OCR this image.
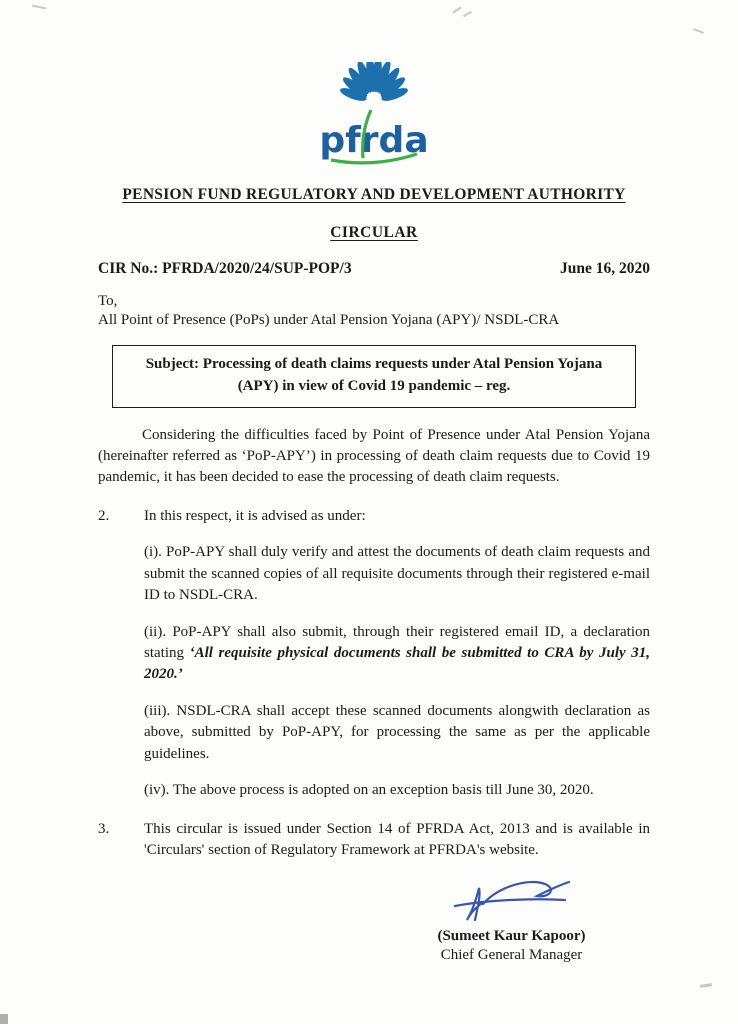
pfrda
PENSION FUND REGULATORY AND DEVELOPMENT AUTHORITY
CIRCULAR
CIR No.: PFRDA/2020/24/SUP-POP/3	June 16, 2020
To,
All Point of Presence (PoPs) under Atal Pension Yojana (APY)/ NSDL-CRA
Subject: Processing of death claims requests under Atal Pension Yojana (APY) in view of Covid 19 pandemic – reg.

Considering the difficulties faced by Point of Presence under Atal Pension Yojana (hereinafter referred as ‘PoP-APY’) in processing of death claim requests due to Covid 19 pandemic, it has been decided to ease the processing of death claim requests.

2.	In this respect, it is advised as under:

(i). PoP-APY shall duly verify and attest the documents of death claim requests and submit the scanned copies of all requisite documents through their registered e-mail ID to NSDL-CRA.

(ii). PoP-APY shall also submit, through their registered email ID, a declaration stating ‘All requisite physical documents shall be submitted to CRA by July 31, 2020.’

(iii). NSDL-CRA shall accept these scanned documents alongwith declaration as above, submitted by PoP-APY, for processing the same as per the applicable guidelines.

(iv). The above process is adopted on an exception basis till June 30, 2020.

3.	This circular is issued under Section 14 of PFRDA Act, 2013 and is available in 'Circulars' section of Regulatory Framework at PFRDA's website.
(Sumeet Kaur Kapoor)
Chief General Manager
